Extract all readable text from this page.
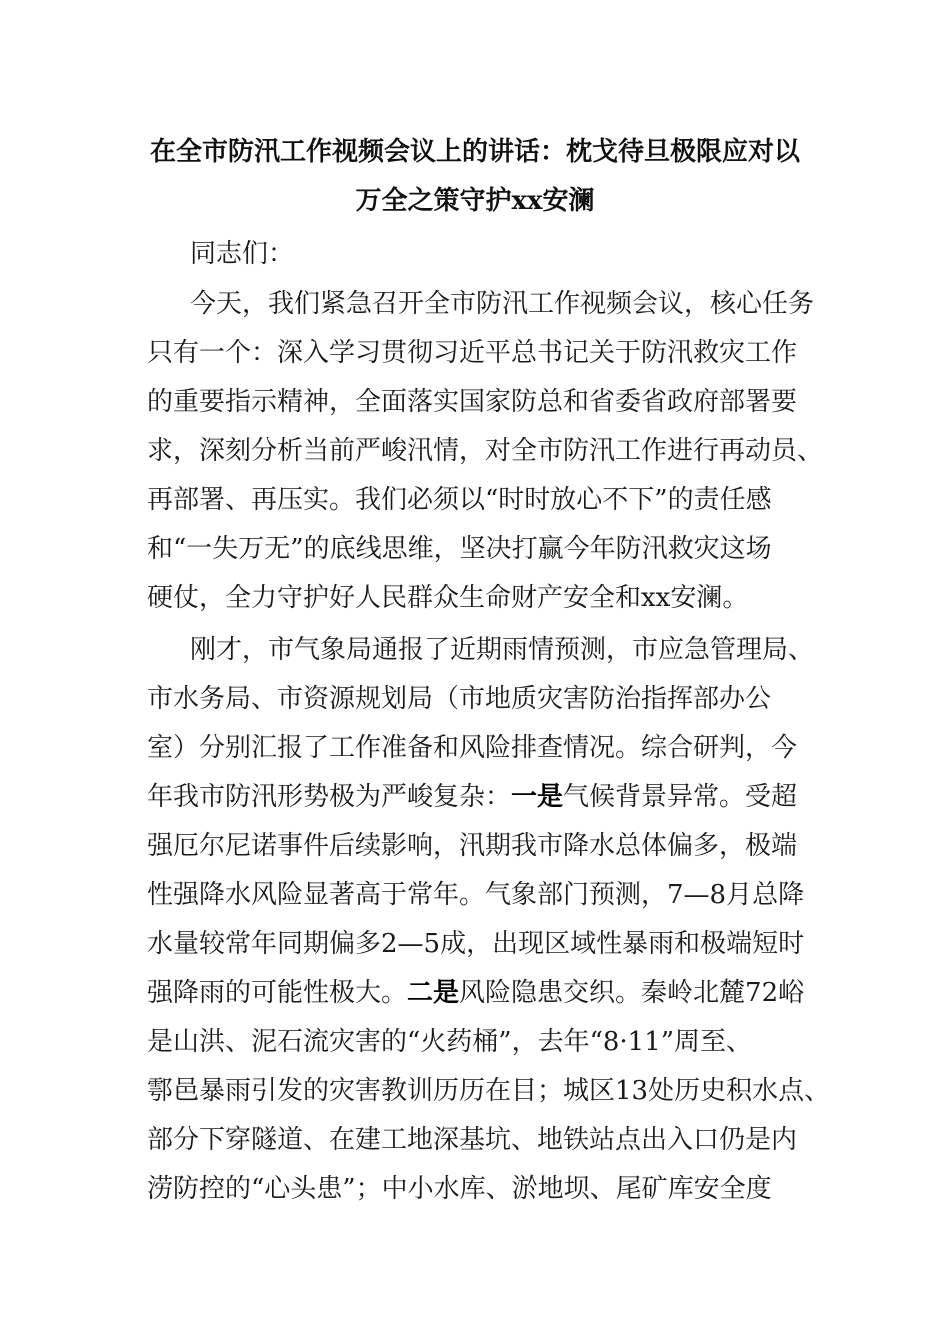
在全市防汛工作视频会议上的讲话：枕戈待旦极限应对以
万全之策守护xx安澜
同志们：
今天，我们紧急召开全市防汛工作视频会议，核心任务
只有一个：深入学习贯彻习近平总书记关于防汛救灾工作
的重要指示精神，全面落实国家防总和省委省政府部署要
求，深刻分析当前严峻汛情，对全市防汛工作进行再动员、
再部署、再压实。我们必须以“时时放心不下”的责任感
和“一失万无”的底线思维，坚决打赢今年防汛救灾这场
硬仗，全力守护好人民群众生命财产安全和xx安澜。
刚才，市气象局通报了近期雨情预测，市应急管理局、
市水务局、市资源规划局（市地质灾害防治指挥部办公
室）分别汇报了工作准备和风险排查情况。综合研判，今
年我市防汛形势极为严峻复杂：一是气候背景异常。受超
强厄尔尼诺事件后续影响，汛期我市降水总体偏多，极端
性强降水风险显著高于常年。气象部门预测，7—8月总降
水量较常年同期偏多2—5成，出现区域性暴雨和极端短时
强降雨的可能性极大。二是风险隐患交织。秦岭北麓72峪
是山洪、泥石流灾害的“火药桶”，去年“8·11”周至、
鄠邑暴雨引发的灾害教训历历在目；城区13处历史积水点、
部分下穿隧道、在建工地深基坑、地铁站点出入口仍是内
涝防控的“心头患”；中小水库、淤地坝、尾矿库安全度
